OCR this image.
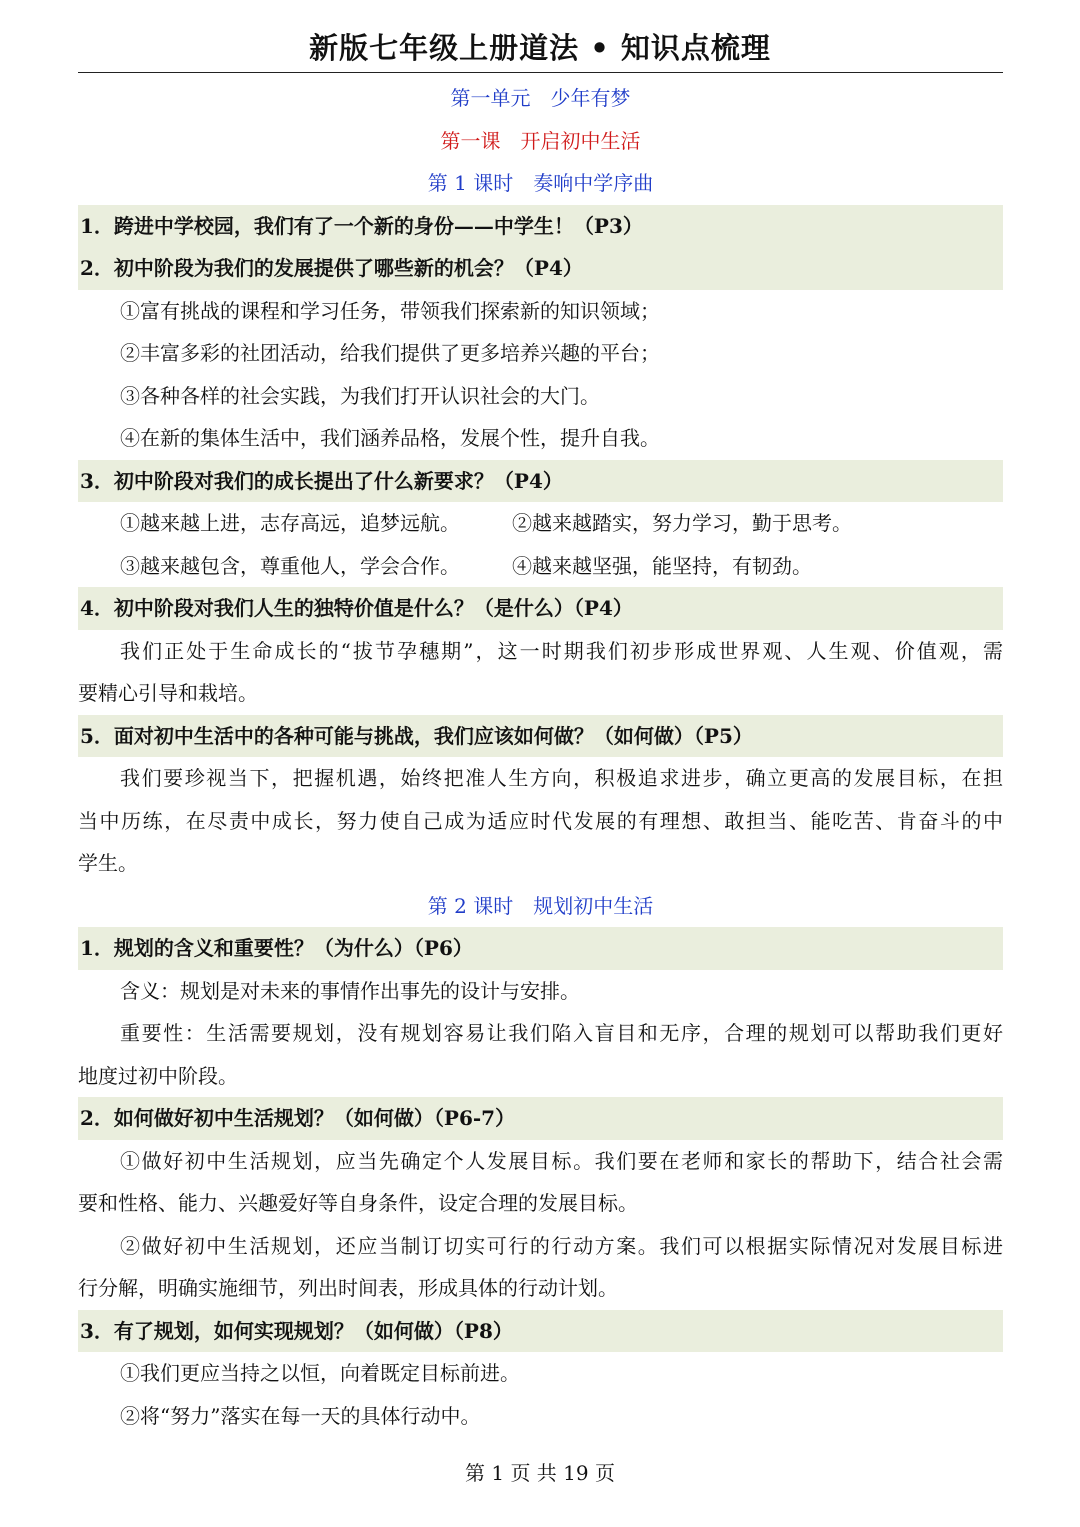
新版七年级上册道法 • 知识点梳理
第一单元　少年有梦
第一课　开启初中生活
第 1 课时　奏响中学序曲
1．跨进中学校园，我们有了一个新的身份——中学生！（P3）
2．初中阶段为我们的发展提供了哪些新的机会？（P4）
①富有挑战的课程和学习任务，带领我们探索新的知识领域；
②丰富多彩的社团活动，给我们提供了更多培养兴趣的平台；
③各种各样的社会实践，为我们打开认识社会的大门。
④在新的集体生活中，我们涵养品格，发展个性，提升自我。
3．初中阶段对我们的成长提出了什么新要求？（P4）
①越来越上进，志存高远，追梦远航。	②越来越踏实，努力学习，勤于思考。
③越来越包含，尊重他人，学会合作。	④越来越坚强，能坚持，有韧劲。
4．初中阶段对我们人生的独特价值是什么？（是什么）（P4）
我们正处于生命成长的“拔节孕穗期”，这一时期我们初步形成世界观、人生观、价值观，需
要精心引导和栽培。
5．面对初中生活中的各种可能与挑战，我们应该如何做？（如何做）（P5）
我们要珍视当下，把握机遇，始终把准人生方向，积极追求进步，确立更高的发展目标，在担
当中历练，在尽责中成长，努力使自己成为适应时代发展的有理想、敢担当、能吃苦、肯奋斗的中
学生。
第 2 课时　规划初中生活
1．规划的含义和重要性？（为什么）（P6）
含义：规划是对未来的事情作出事先的设计与安排。
重要性：生活需要规划，没有规划容易让我们陷入盲目和无序，合理的规划可以帮助我们更好
地度过初中阶段。
2．如何做好初中生活规划？（如何做）（P6-7）
①做好初中生活规划，应当先确定个人发展目标。我们要在老师和家长的帮助下，结合社会需
要和性格、能力、兴趣爱好等自身条件，设定合理的发展目标。
②做好初中生活规划，还应当制订切实可行的行动方案。我们可以根据实际情况对发展目标进
行分解，明确实施细节，列出时间表，形成具体的行动计划。
3．有了规划，如何实现规划？（如何做）（P8）
①我们更应当持之以恒，向着既定目标前进。
②将“努力”落实在每一天的具体行动中。
第 1 页 共 19 页
